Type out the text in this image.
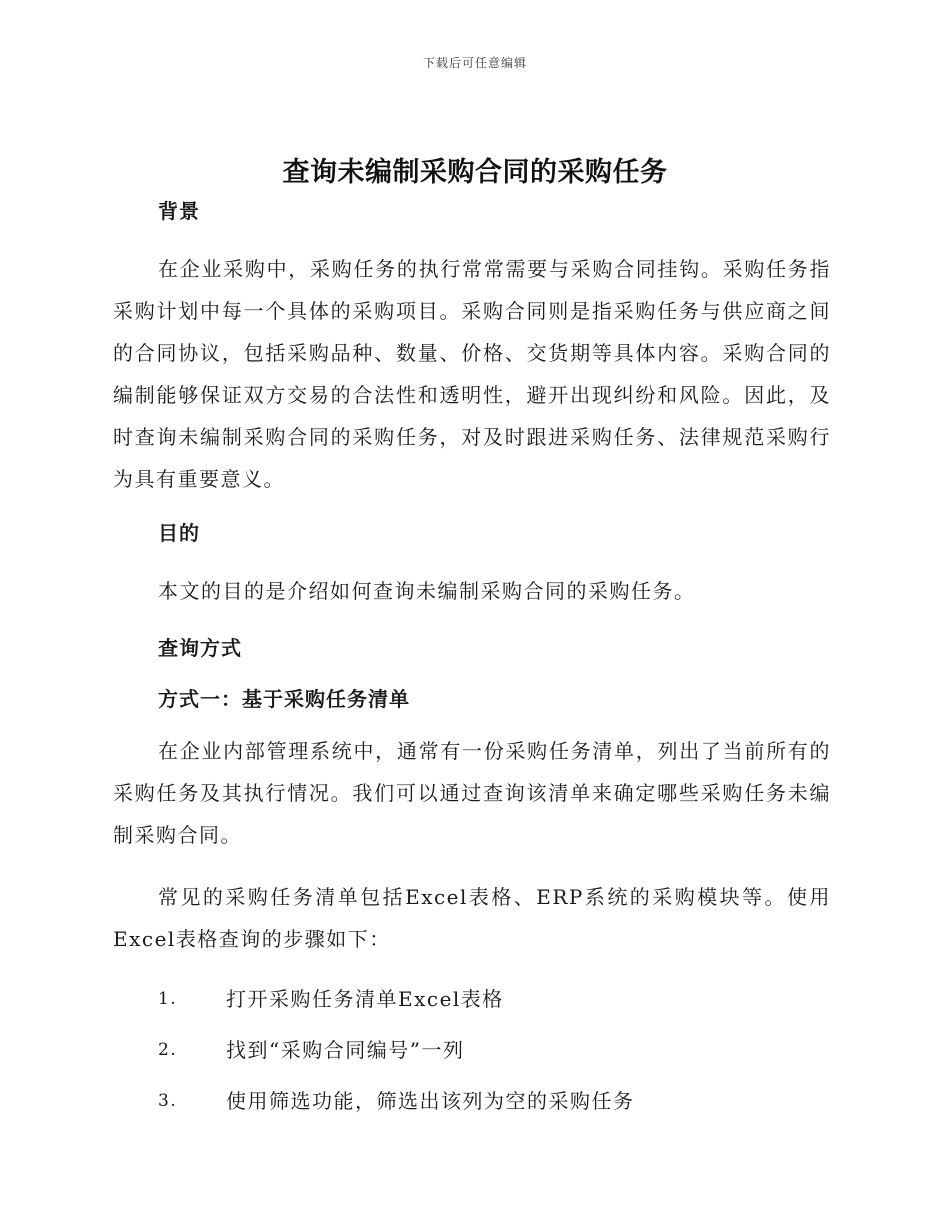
下载后可任意编辑
查询未编制采购合同的采购任务
背景
在企业采购中，采购任务的执行常常需要与采购合同挂钩。采购任务指采购计划中每一个具体的采购项目。采购合同则是指采购任务与供应商之间的合同协议，包括采购品种、数量、价格、交货期等具体内容。采购合同的编制能够保证双方交易的合法性和透明性，避开出现纠纷和风险。因此，及时查询未编制采购合同的采购任务，对及时跟进采购任务、法律规范采购行为具有重要意义。
目的
本文的目的是介绍如何查询未编制采购合同的采购任务。
查询方式
方式一：基于采购任务清单
在企业内部管理系统中，通常有一份采购任务清单，列出了当前所有的采购任务及其执行情况。我们可以通过查询该清单来确定哪些采购任务未编制采购合同。
常见的采购任务清单包括Excel表格、ERP系统的采购模块等。使用Excel表格查询的步骤如下：
1.	打开采购任务清单Excel表格
2.	找到“采购合同编号”一列
3.	使用筛选功能，筛选出该列为空的采购任务
